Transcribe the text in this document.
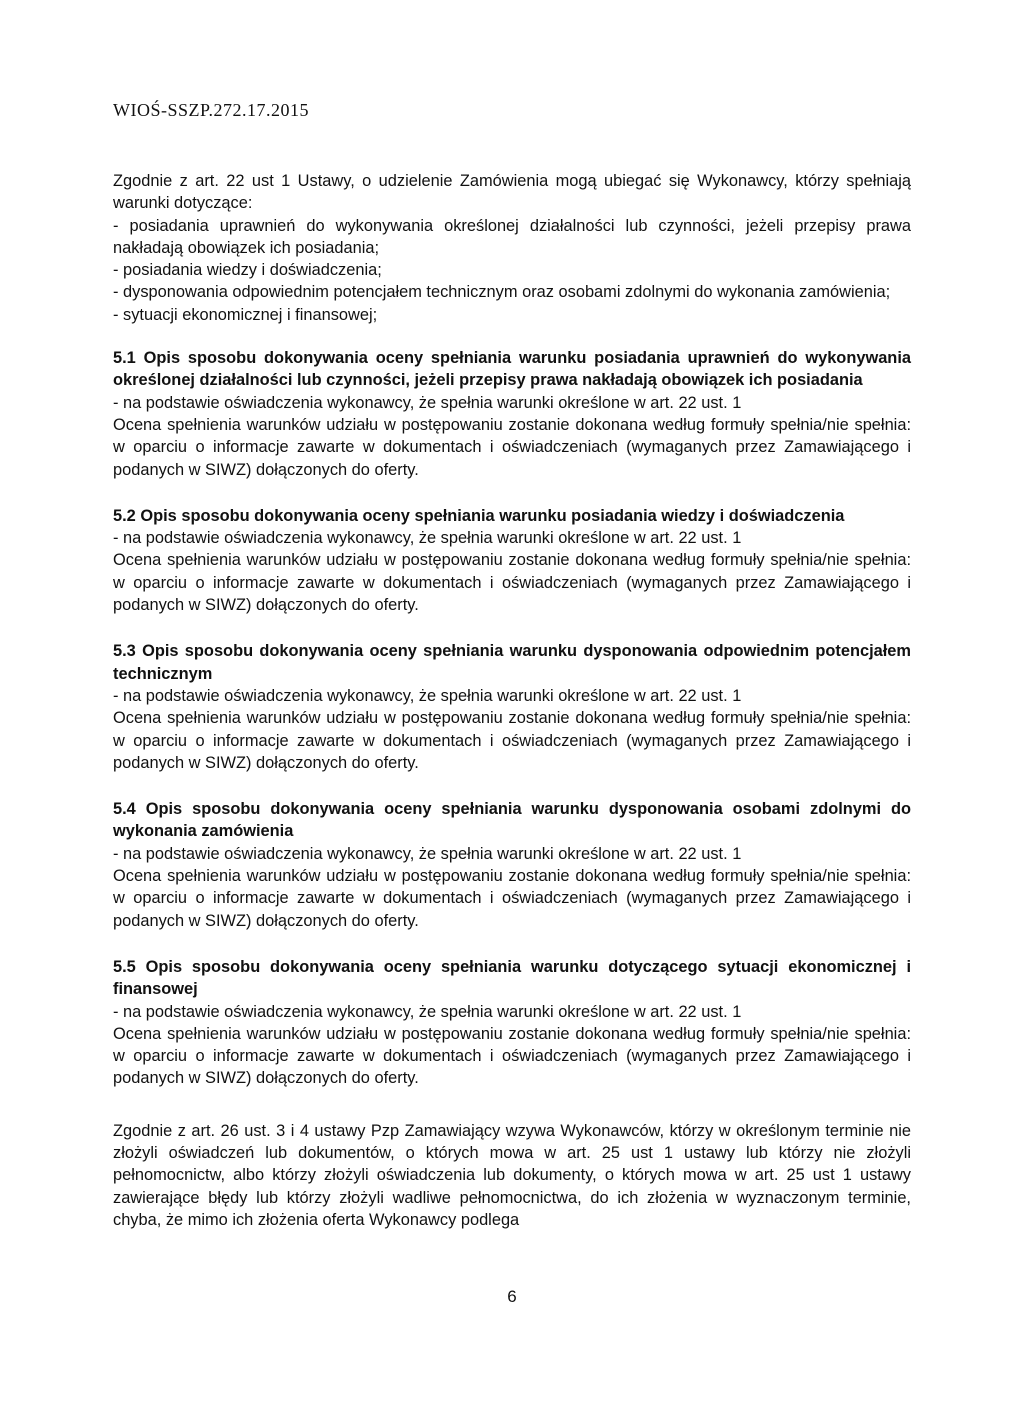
WIOŚ-SSZP.272.17.2015

Zgodnie z art. 22 ust 1 Ustawy, o udzielenie Zamówienia mogą ubiegać się Wykonawcy, którzy spełniają warunki dotyczące:

- posiadania uprawnień do wykonywania określonej działalności lub czynności, jeżeli przepisy prawa nakładają obowiązek ich posiadania;

- posiadania wiedzy i doświadczenia;

- dysponowania odpowiednim potencjałem technicznym oraz osobami zdolnymi do wykonania zamówienia;

- sytuacji ekonomicznej i finansowej;

5.1 Opis sposobu dokonywania oceny spełniania warunku posiadania uprawnień do wykonywania określonej działalności lub czynności, jeżeli przepisy prawa nakładają obowiązek ich posiadania

- na podstawie oświadczenia wykonawcy, że spełnia warunki określone w art. 22 ust. 1

Ocena spełnienia warunków udziału w postępowaniu zostanie dokonana według formuły spełnia/nie spełnia: w oparciu o informacje zawarte w dokumentach i oświadczeniach (wymaganych przez Zamawiającego i podanych w SIWZ) dołączonych do oferty.

5.2 Opis sposobu dokonywania oceny spełniania warunku posiadania wiedzy i doświadczenia

- na podstawie oświadczenia wykonawcy, że spełnia warunki określone w art. 22 ust. 1

Ocena spełnienia warunków udziału w postępowaniu zostanie dokonana według formuły spełnia/nie spełnia: w oparciu o informacje zawarte w dokumentach i oświadczeniach (wymaganych przez Zamawiającego i podanych w SIWZ) dołączonych do oferty.

5.3 Opis sposobu dokonywania oceny spełniania warunku dysponowania odpowiednim potencjałem technicznym

- na podstawie oświadczenia wykonawcy, że spełnia warunki określone w art. 22 ust. 1

Ocena spełnienia warunków udziału w postępowaniu zostanie dokonana według formuły spełnia/nie spełnia: w oparciu o informacje zawarte w dokumentach i oświadczeniach (wymaganych przez Zamawiającego i podanych w SIWZ) dołączonych do oferty.

5.4 Opis sposobu dokonywania oceny spełniania warunku dysponowania osobami zdolnymi do wykonania zamówienia

- na podstawie oświadczenia wykonawcy, że spełnia warunki określone w art. 22 ust. 1

Ocena spełnienia warunków udziału w postępowaniu zostanie dokonana według formuły spełnia/nie spełnia: w oparciu o informacje zawarte w dokumentach i oświadczeniach (wymaganych przez Zamawiającego i podanych w SIWZ) dołączonych do oferty.

5.5 Opis sposobu dokonywania oceny spełniania warunku dotyczącego sytuacji ekonomicznej i finansowej

- na podstawie oświadczenia wykonawcy, że spełnia warunki określone w art. 22 ust. 1

Ocena spełnienia warunków udziału w postępowaniu zostanie dokonana według formuły spełnia/nie spełnia: w oparciu o informacje zawarte w dokumentach i oświadczeniach (wymaganych przez Zamawiającego i podanych w SIWZ) dołączonych do oferty.

Zgodnie z art. 26 ust. 3 i 4 ustawy Pzp Zamawiający wzywa Wykonawców, którzy w określonym terminie nie złożyli oświadczeń lub dokumentów, o których mowa w art. 25 ust 1 ustawy lub którzy nie złożyli pełnomocnictw, albo którzy złożyli oświadczenia lub dokumenty, o których mowa w art. 25 ust 1 ustawy zawierające błędy lub którzy złożyli wadliwe pełnomocnictwa, do ich złożenia w wyznaczonym terminie, chyba, że mimo ich złożenia oferta Wykonawcy podlega

6
